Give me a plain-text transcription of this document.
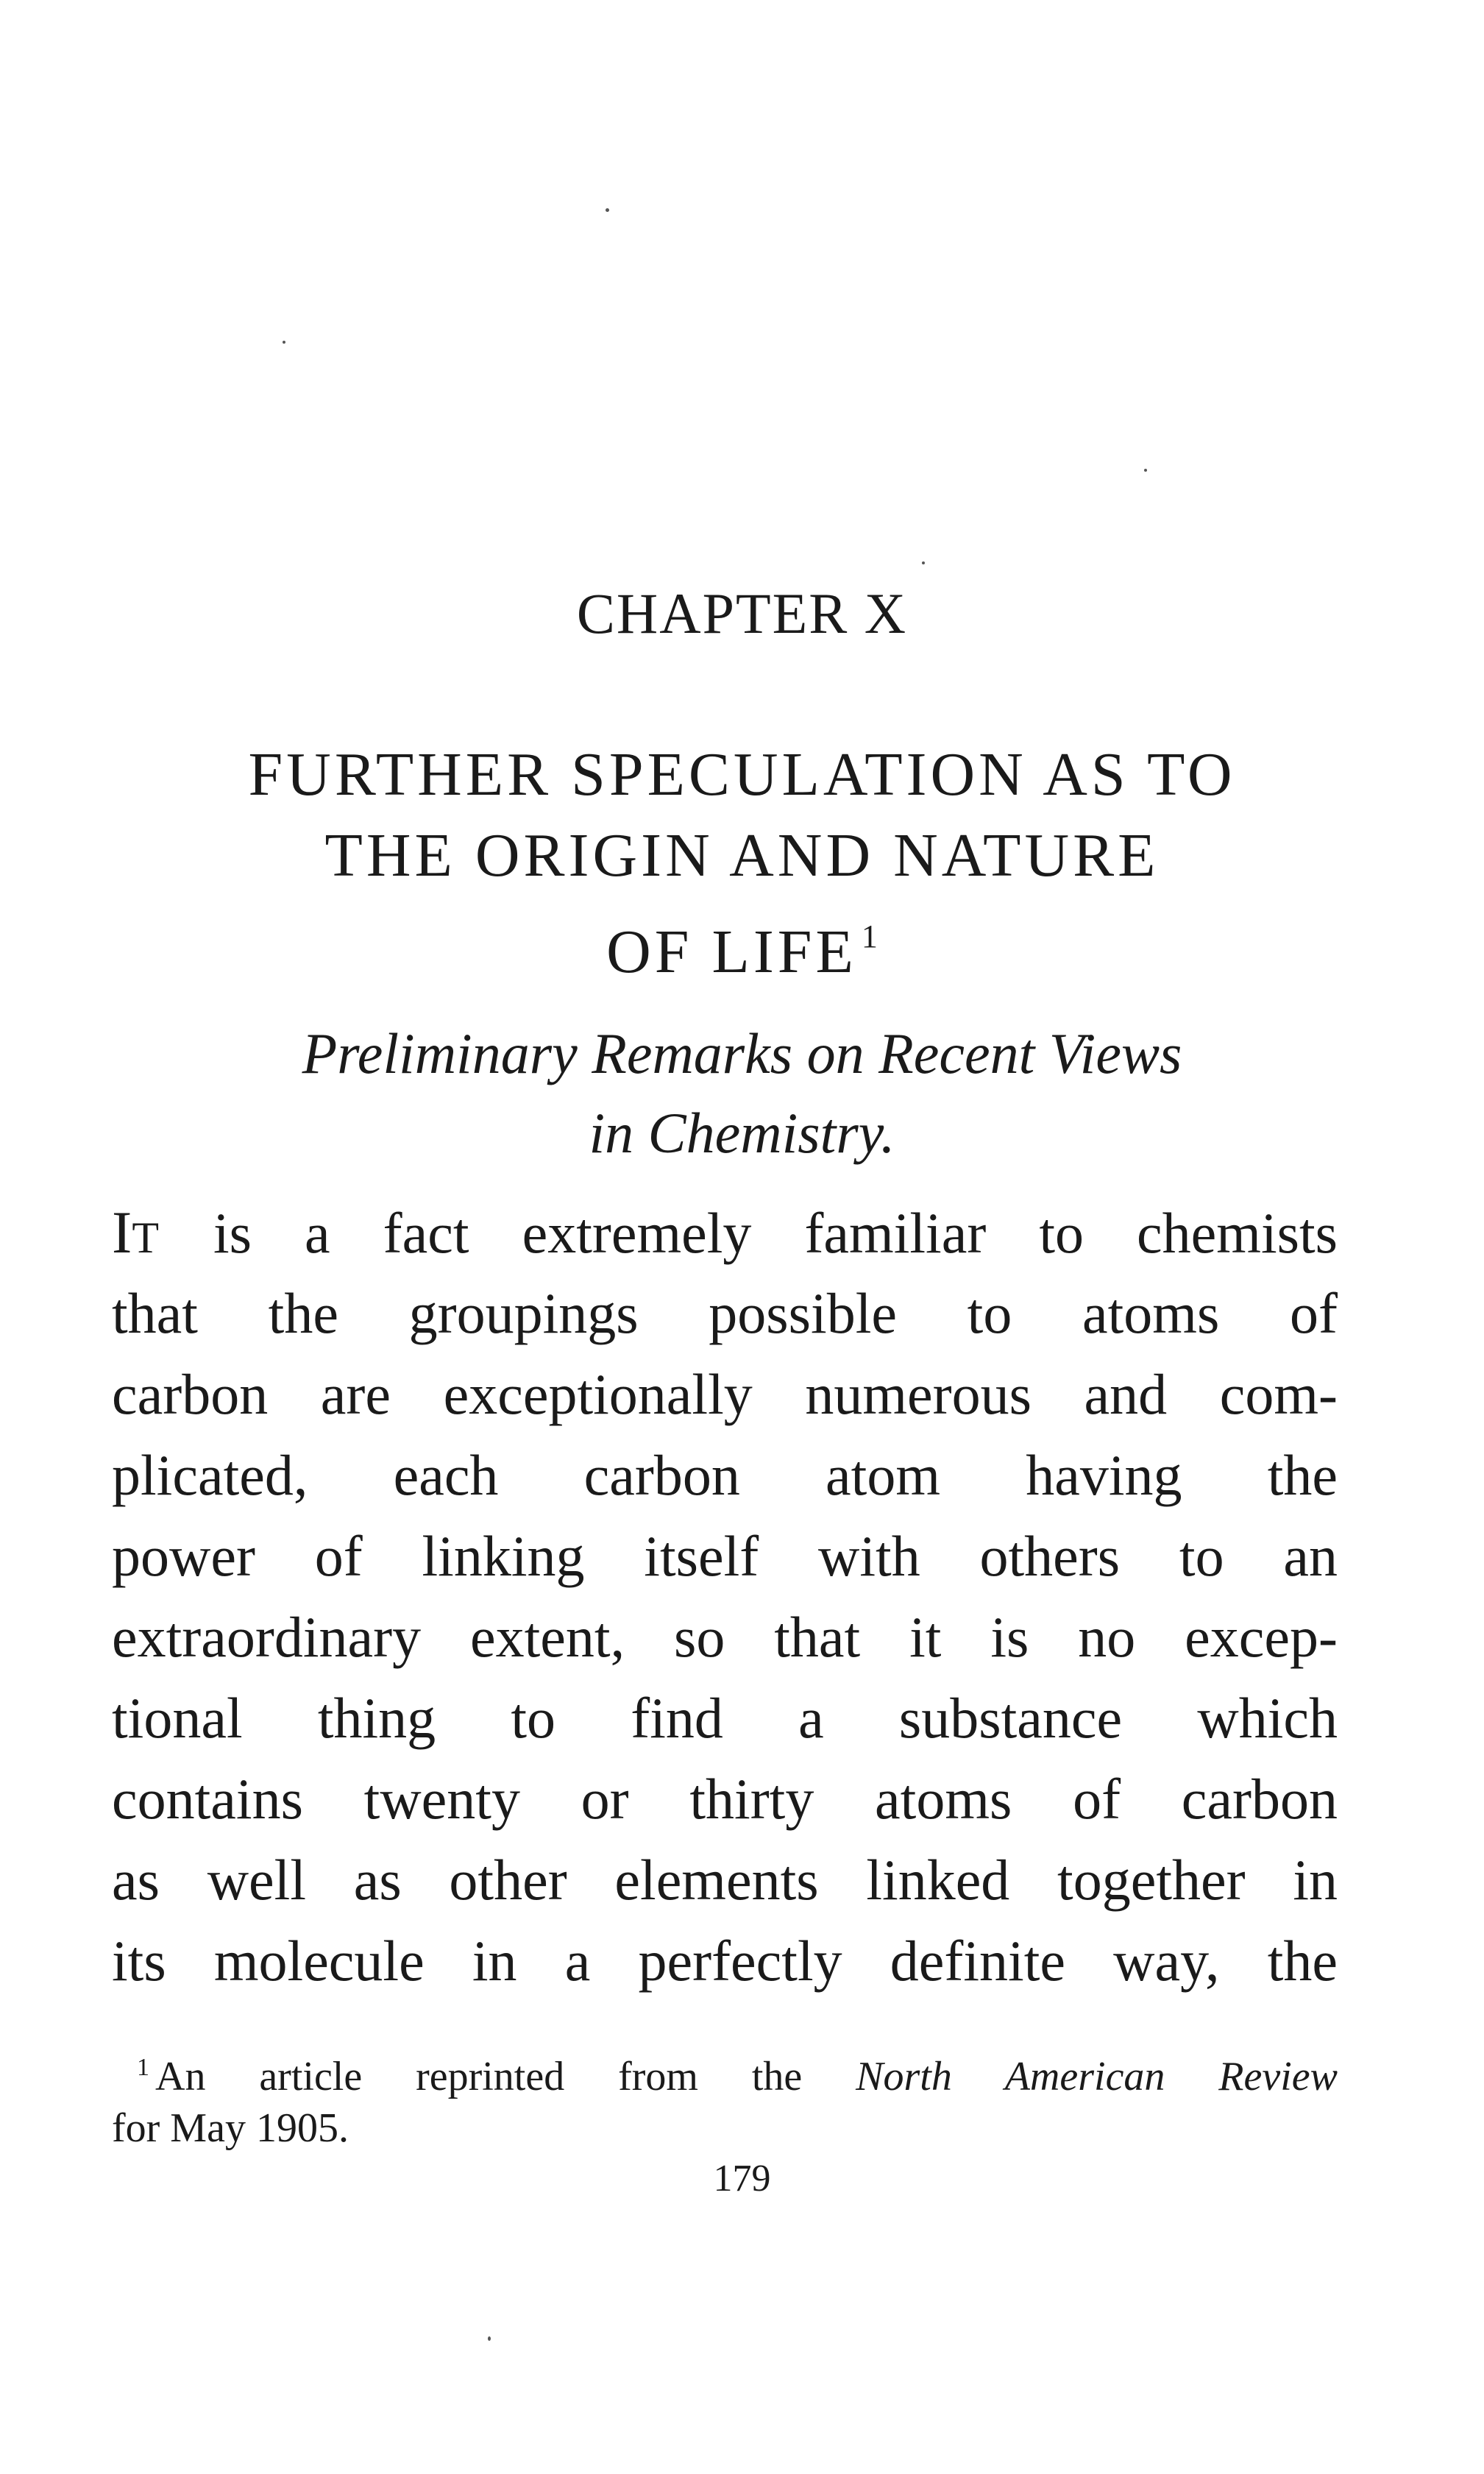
CHAPTER X
FURTHER SPECULATION AS TO
THE ORIGIN AND NATURE
OF LIFE $^1$
Preliminary Remarks on Recent Views
in Chemistry.
IT is a fact extremely familiar to chemists
that the groupings possible to atoms of
carbon are exceptionally numerous and com-
plicated, each carbon atom having the
power of linking itself with others to an
extraordinary extent, so that it is no excep-
tional thing to find a substance which
contains twenty or thirty atoms of carbon
as well as other elements linked together in
its molecule in a perfectly definite way, the
$^1$ An article reprinted from the North American Review
for May 1905.
179
